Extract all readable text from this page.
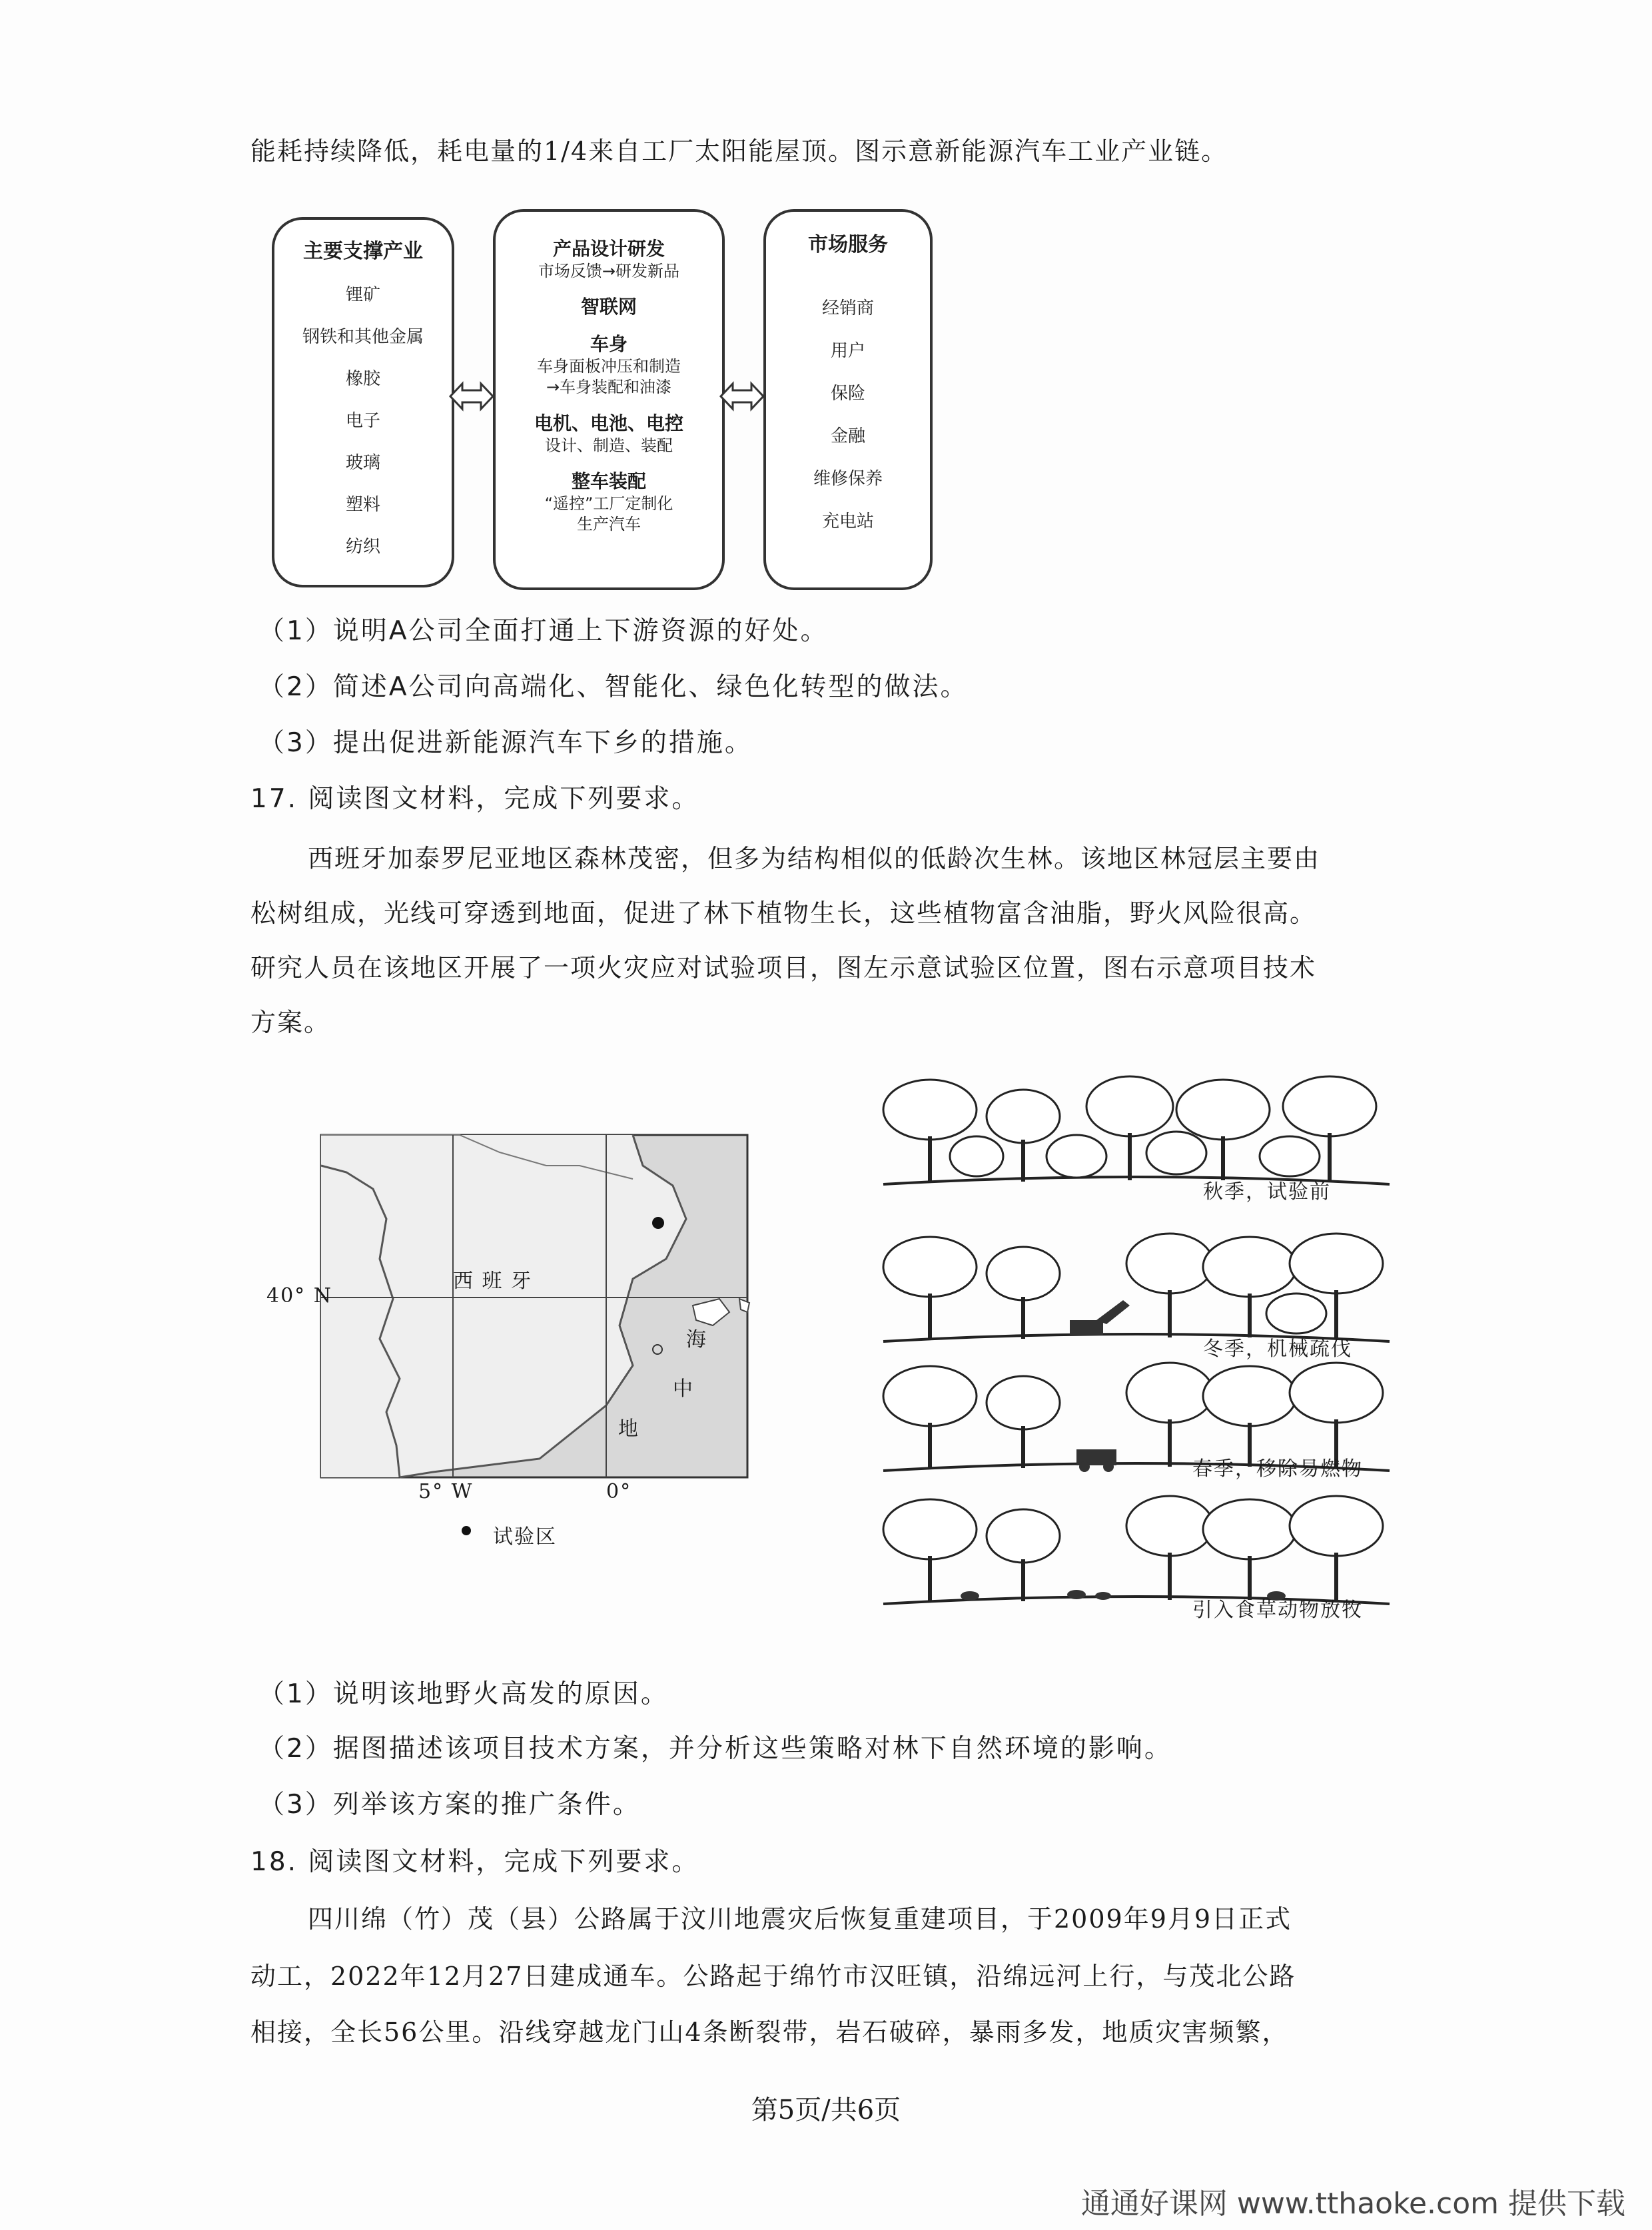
能耗持续降低，耗电量的1/4来自工厂太阳能屋顶。图示意新能源汽车工业产业链。
主要支撑产业
锂矿
钢铁和其他金属
橡胶
电子
玻璃
塑料
纺织
产品设计研发
市场反馈→研发新品
智联网
车身
车身面板冲压和制造
→车身装配和油漆
电机、电池、电控
设计、制造、装配
整车装配
“遥控”工厂定制化
生产汽车
市场服务
经销商
用户
保险
金融
维修保养
充电站
（1）说明A公司全面打通上下游资源的好处。
（2）简述A公司向高端化、智能化、绿色化转型的做法。
（3）提出促进新能源汽车下乡的措施。
17. 阅读图文材料，完成下列要求。
西班牙加泰罗尼亚地区森林茂密，但多为结构相似的低龄次生林。该地区林冠层主要由
松树组成，光线可穿透到地面，促进了林下植物生长，这些植物富含油脂，野火风险很高。
研究人员在该地区开展了一项火灾应对试验项目，图左示意试验区位置，图右示意项目技术
方案。
西 班 牙
海
中
地
40° N
5° W	0°
试验区
秋季，试验前
冬季，机械疏伐
春季，移除易燃物
引入食草动物放牧
（1）说明该地野火高发的原因。
（2）据图描述该项目技术方案，并分析这些策略对林下自然环境的影响。
（3）列举该方案的推广条件。
18. 阅读图文材料，完成下列要求。
四川绵（竹）茂（县）公路属于汶川地震灾后恢复重建项目，于2009年9月9日正式
动工，2022年12月27日建成通车。公路起于绵竹市汉旺镇，沿绵远河上行，与茂北公路
相接，全长56公里。沿线穿越龙门山4条断裂带，岩石破碎，暴雨多发，地质灾害频繁，
第5页/共6页
通通好课网 www.tthaoke.com 提供下载
